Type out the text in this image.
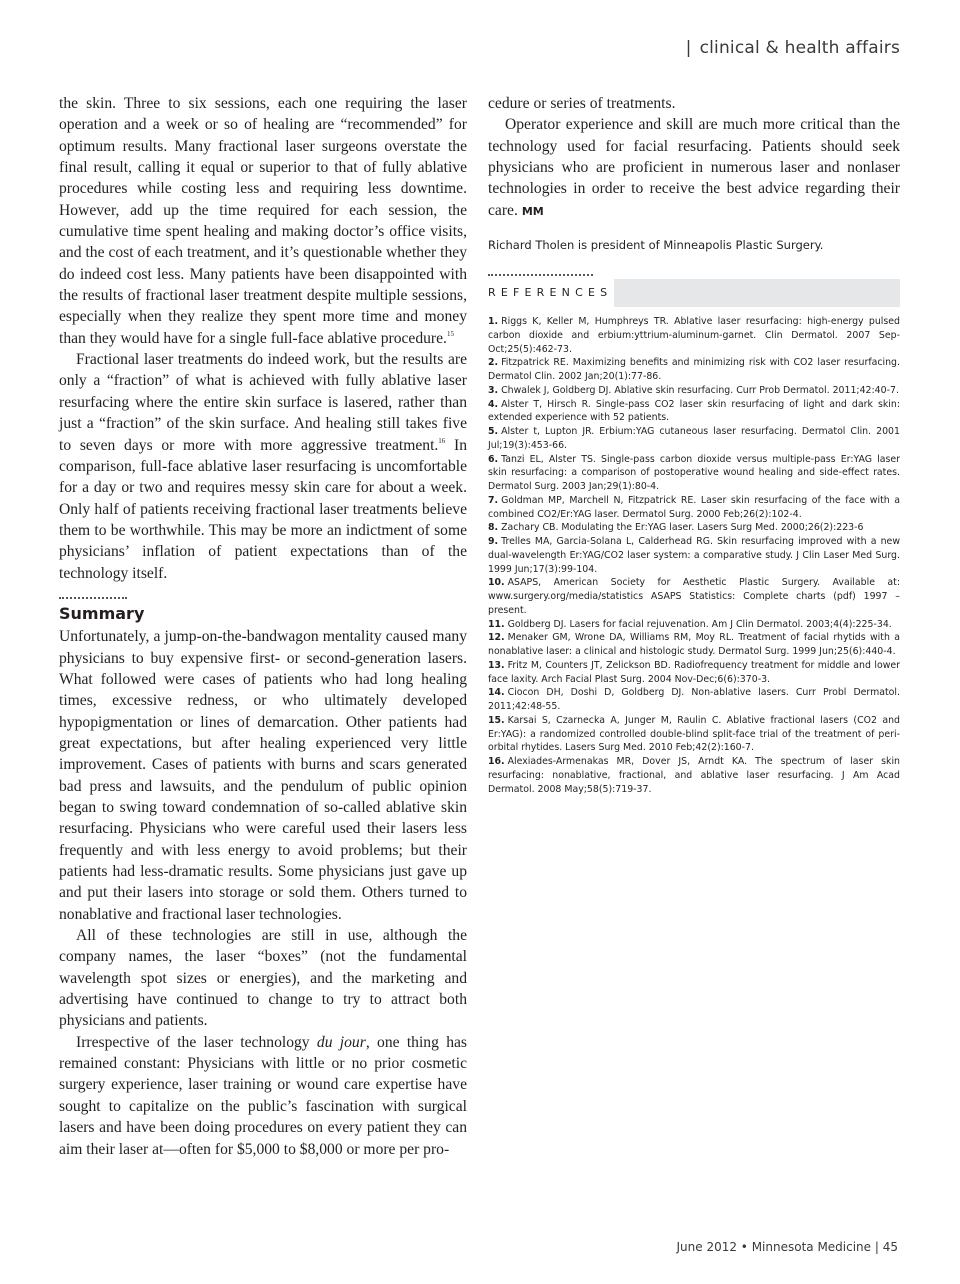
| clinical & health affairs

the skin. Three to six sessions, each one requiring the laser operation and a week or so of healing are “recommended” for optimum results. Many fractional laser surgeons overstate the final result, calling it equal or superior to that of fully ablative procedures while costing less and requiring less downtime. However, add up the time required for each session, the cumulative time spent healing and making doctor’s office visits, and the cost of each treatment, and it’s questionable whether they do indeed cost less. Many patients have been disappointed with the results of fractional laser treatment despite multiple sessions, especially when they realize they spent more time and money than they would have for a single full-face ablative procedure.$^{15}$

Fractional laser treatments do indeed work, but the results are only a “fraction” of what is achieved with fully ablative laser resurfacing where the entire skin surface is lasered, rather than just a “fraction” of the skin surface. And healing still takes five to seven days or more with more aggressive treatment.$^{16}$ In comparison, full-face ablative laser resurfacing is uncomfortable for a day or two and requires messy skin care for about a week. Only half of patients receiving fractional laser treatments believe them to be worthwhile. This may be more an indictment of some physicians’ inflation of patient expectations than of the technology itself.

Summary

Unfortunately, a jump-on-the-bandwagon mentality caused many physicians to buy expensive first- or second-generation lasers. What followed were cases of patients who had long healing times, excessive redness, or who ultimately developed hypopigmentation or lines of demarcation. Other patients had great expectations, but after healing experienced very little improvement. Cases of patients with burns and scars generated bad press and lawsuits, and the pendulum of public opinion began to swing toward condemnation of so-called ablative skin resurfacing. Physicians who were careful used their lasers less frequently and with less energy to avoid problems; but their patients had less-dramatic results. Some physicians just gave up and put their lasers into storage or sold them. Others turned to nonablative and fractional laser technologies.

All of these technologies are still in use, although the company names, the laser “boxes” (not the fundamental wavelength spot sizes or energies), and the marketing and advertising have continued to change to try to attract both physicians and patients.

Irrespective of the laser technology du jour, one thing has remained constant: Physicians with little or no prior cosmetic surgery experience, laser training or wound care expertise have sought to capitalize on the public’s fascination with surgical lasers and have been doing procedures on every patient they can aim their laser at—often for $5,000 to $8,000 or more per pro-

cedure or series of treatments.

Operator experience and skill are much more critical than the technology used for facial resurfacing. Patients should seek physicians who are proficient in numerous laser and nonlaser technologies in order to receive the best advice regarding their care. MM

Richard Tholen is president of Minneapolis Plastic Surgery.
REFERENCES
1. Riggs K, Keller M, Humphreys TR. Ablative laser resurfacing: high-energy pulsed carbon dioxide and erbium:yttrium-aluminum-garnet. Clin Dermatol. 2007 Sep-Oct;25(5):462-73.
2. Fitzpatrick RE. Maximizing benefits and minimizing risk with CO2 laser resurfacing. Dermatol Clin. 2002 Jan;20(1):77-86.
3. Chwalek J, Goldberg DJ. Ablative skin resurfacing. Curr Prob Dermatol. 2011;42:40-7.
4. Alster T, Hirsch R. Single-pass CO2 laser skin resurfacing of light and dark skin: extended experience with 52 patients.
5. Alster t, Lupton JR. Erbium:YAG cutaneous laser resurfacing. Dermatol Clin. 2001 Jul;19(3):453-66.
6. Tanzi EL, Alster TS. Single-pass carbon dioxide versus multiple-pass Er:YAG laser skin resurfacing: a comparison of postoperative wound healing and side-effect rates. Dermatol Surg. 2003 Jan;29(1):80-4.
7. Goldman MP, Marchell N, Fitzpatrick RE. Laser skin resurfacing of the face with a combined CO2/Er:YAG laser. Dermatol Surg. 2000 Feb;26(2):102-4.
8. Zachary CB. Modulating the Er:YAG laser. Lasers Surg Med. 2000;26(2):223-6
9. Trelles MA, Garcia-Solana L, Calderhead RG. Skin resurfacing improved with a new dual-wavelength Er:YAG/CO2 laser system: a comparative study. J Clin Laser Med Surg. 1999 Jun;17(3):99-104.
10. ASAPS, American Society for Aesthetic Plastic Surgery. Available at: www.surgery.org/media/statistics ASAPS Statistics: Complete charts (pdf) 1997 – present.
11. Goldberg DJ. Lasers for facial rejuvenation. Am J Clin Dermatol. 2003;4(4):225-34.
12. Menaker GM, Wrone DA, Williams RM, Moy RL. Treatment of facial rhytids with a nonablative laser: a clinical and histologic study. Dermatol Surg. 1999 Jun;25(6):440-4.
13. Fritz M, Counters JT, Zelickson BD. Radiofrequency treatment for middle and lower face laxity. Arch Facial Plast Surg. 2004 Nov-Dec;6(6):370-3.
14. Ciocon DH, Doshi D, Goldberg DJ. Non-ablative lasers. Curr Probl Dermatol. 2011;42:48-55.
15. Karsai S, Czarnecka A, Junger M, Raulin C. Ablative fractional lasers (CO2 and Er:YAG): a randomized controlled double-blind split-face trial of the treatment of peri-orbital rhytides. Lasers Surg Med. 2010 Feb;42(2):160-7.
16. Alexiades-Armenakas MR, Dover JS, Arndt KA. The spectrum of laser skin resurfacing: nonablative, fractional, and ablative laser resurfacing. J Am Acad Dermatol. 2008 May;58(5):719-37.
June 2012 • Minnesota Medicine | 45
